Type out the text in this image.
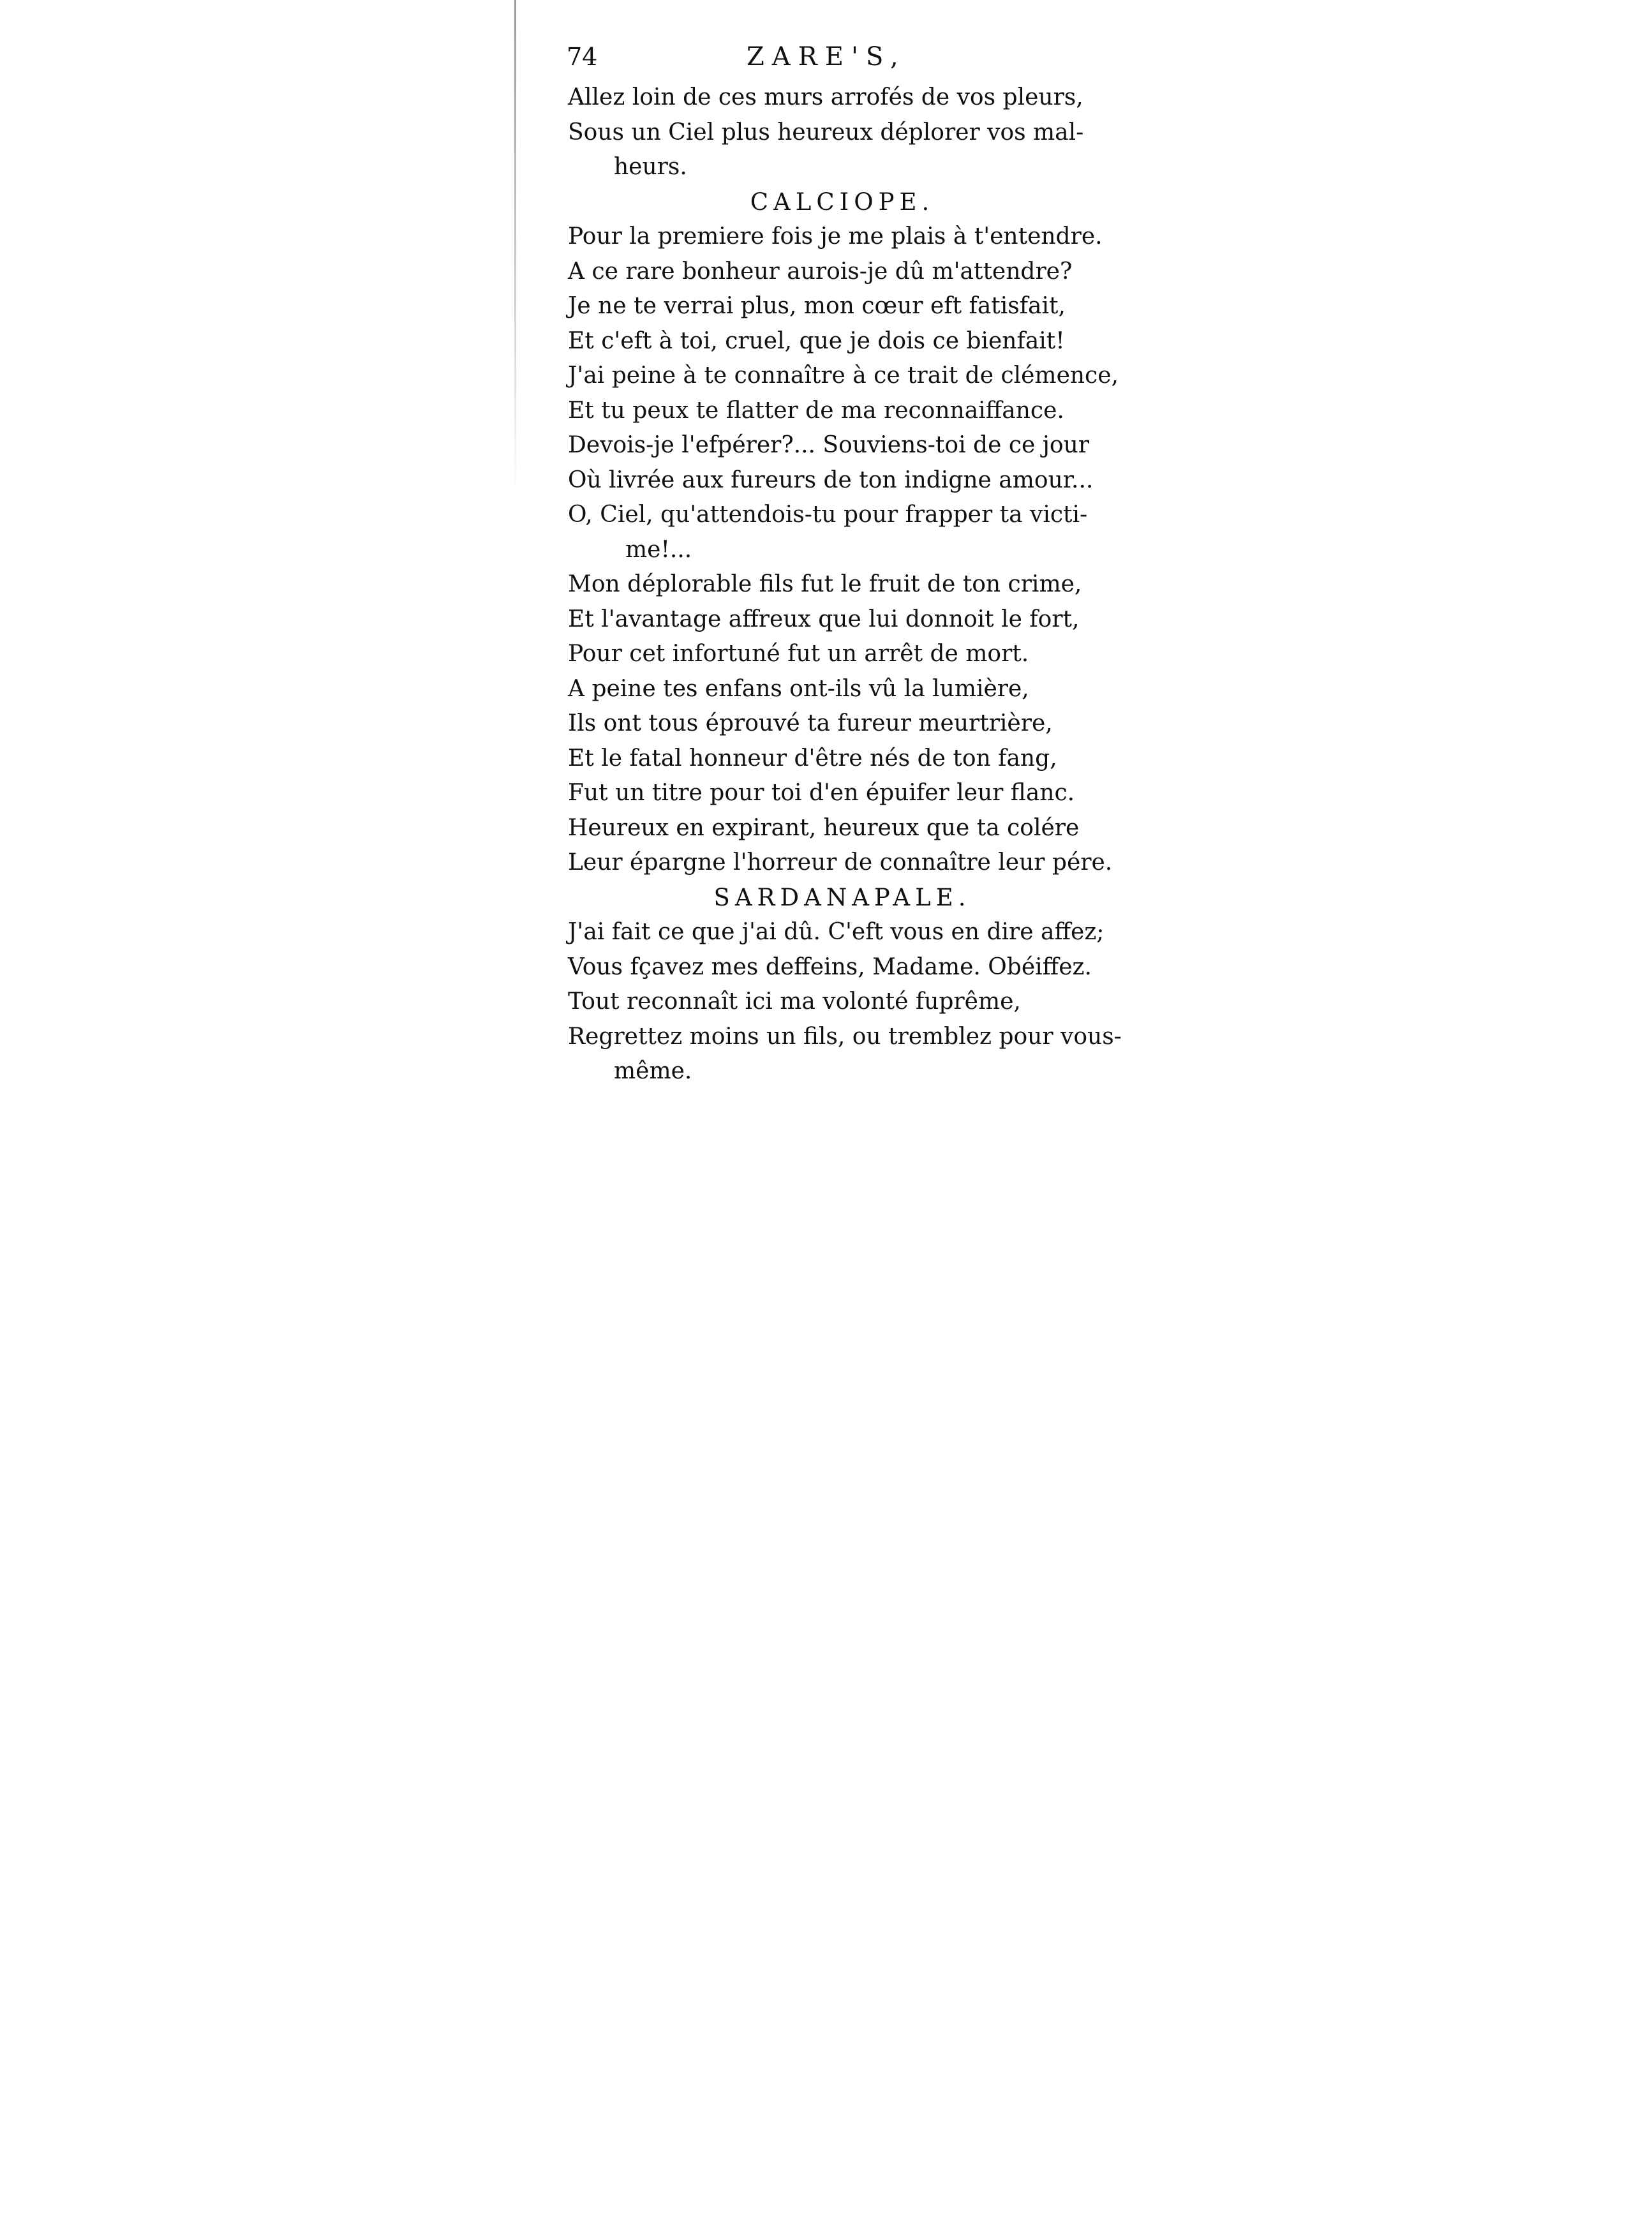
74	ZARE'S,
Allez loin de ces murs arrofés de vos pleurs,
Sous un Ciel plus heureux déplorer vos mal-
heurs.
CALCIOPE.
Pour la premiere fois je me plais à t'entendre.
A ce rare bonheur aurois-je dû m'attendre?
Je ne te verrai plus, mon cœur eft fatisfait,
Et c'eft à toi, cruel, que je dois ce bienfait!
J'ai peine à te connaître à ce trait de clémence,
Et tu peux te flatter de ma reconnaiffance.
Devois-je l'efpérer?... Souviens-toi de ce jour
Où livrée aux fureurs de ton indigne amour...
O, Ciel, qu'attendois-tu pour frapper ta victi-
me!...
Mon déplorable fils fut le fruit de ton crime,
Et l'avantage affreux que lui donnoit le fort,
Pour cet infortuné fut un arrêt de mort.
A peine tes enfans ont-ils vû la lumière,
Ils ont tous éprouvé ta fureur meurtrière,
Et le fatal honneur d'être nés de ton fang,
Fut un titre pour toi d'en épuifer leur flanc.
Heureux en expirant, heureux que ta colére
Leur épargne l'horreur de connaître leur pére.
SARDANAPALE.
J'ai fait ce que j'ai dû. C'eft vous en dire affez;
Vous fçavez mes deffeins, Madame. Obéiffez.
Tout reconnaît ici ma volonté fuprême,
Regrettez moins un fils, ou tremblez pour vous-
même.
